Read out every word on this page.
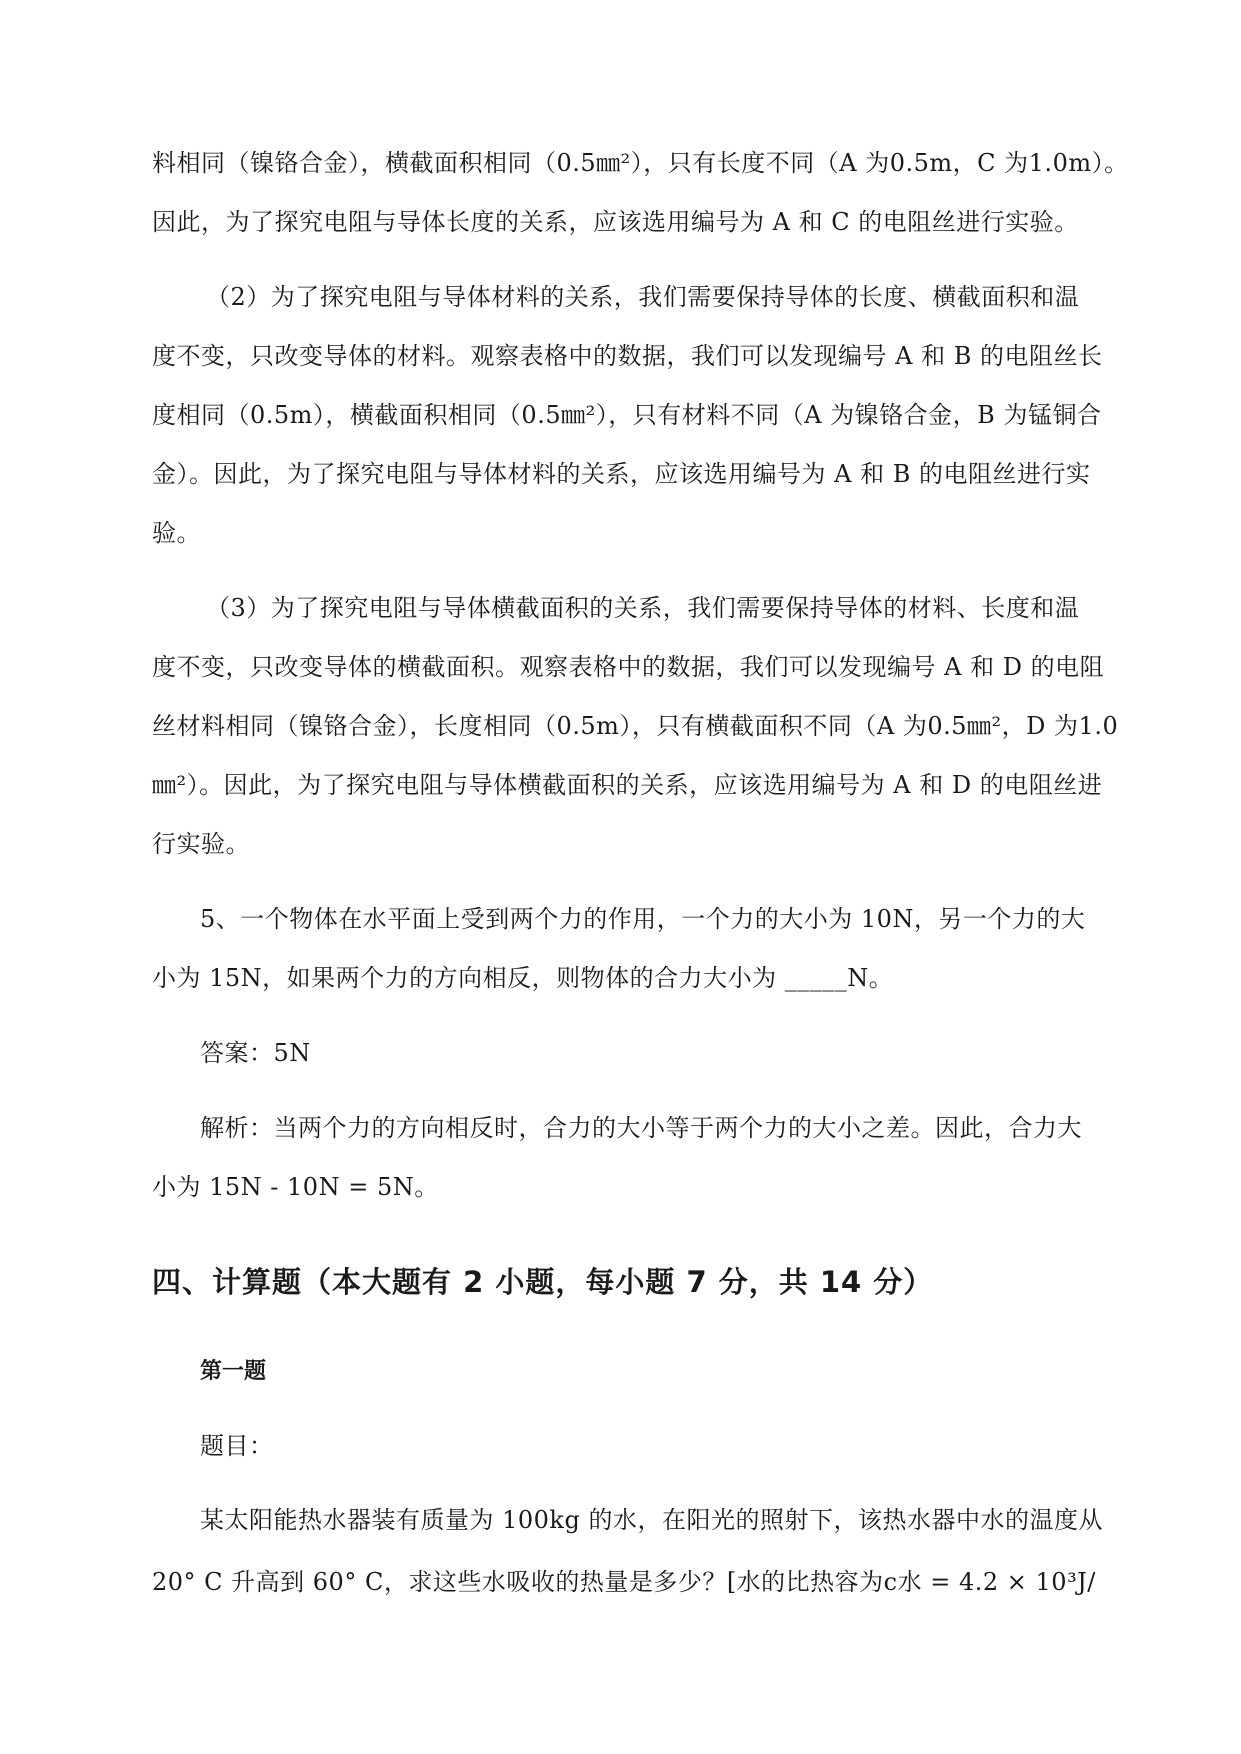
料相同（镍铬合金），横截面积相同（0.5㎜²），只有长度不同（A 为0.5m，C 为1.0m）。
因此，为了探究电阻与导体长度的关系，应该选用编号为 A 和 C 的电阻丝进行实验。
（2）为了探究电阻与导体材料的关系，我们需要保持导体的长度、横截面积和温
度不变，只改变导体的材料。观察表格中的数据，我们可以发现编号 A 和 B 的电阻丝长
度相同（0.5m），横截面积相同（0.5㎜²），只有材料不同（A 为镍铬合金，B 为锰铜合
金）。因此，为了探究电阻与导体材料的关系，应该选用编号为 A 和 B 的电阻丝进行实
验。
（3）为了探究电阻与导体横截面积的关系，我们需要保持导体的材料、长度和温
度不变，只改变导体的横截面积。观察表格中的数据，我们可以发现编号 A 和 D 的电阻
丝材料相同（镍铬合金），长度相同（0.5m），只有横截面积不同（A 为0.5㎜²，D 为1.0
㎜²）。因此，为了探究电阻与导体横截面积的关系，应该选用编号为 A 和 D 的电阻丝进
行实验。
5、一个物体在水平面上受到两个力的作用，一个力的大小为 10N，另一个力的大
小为 15N，如果两个力的方向相反，则物体的合力大小为 _____N。
答案：5N
解析：当两个力的方向相反时，合力的大小等于两个力的大小之差。因此，合力大
小为 15N - 10N = 5N。
四、计算题（本大题有 2 小题，每小题 7 分，共 14 分）
第一题
题目：
某太阳能热水器装有质量为 100kg 的水，在阳光的照射下，该热水器中水的温度从
20° C 升高到 60° C，求这些水吸收的热量是多少？[水的比热容为c水 = 4.2 × 10³J/
